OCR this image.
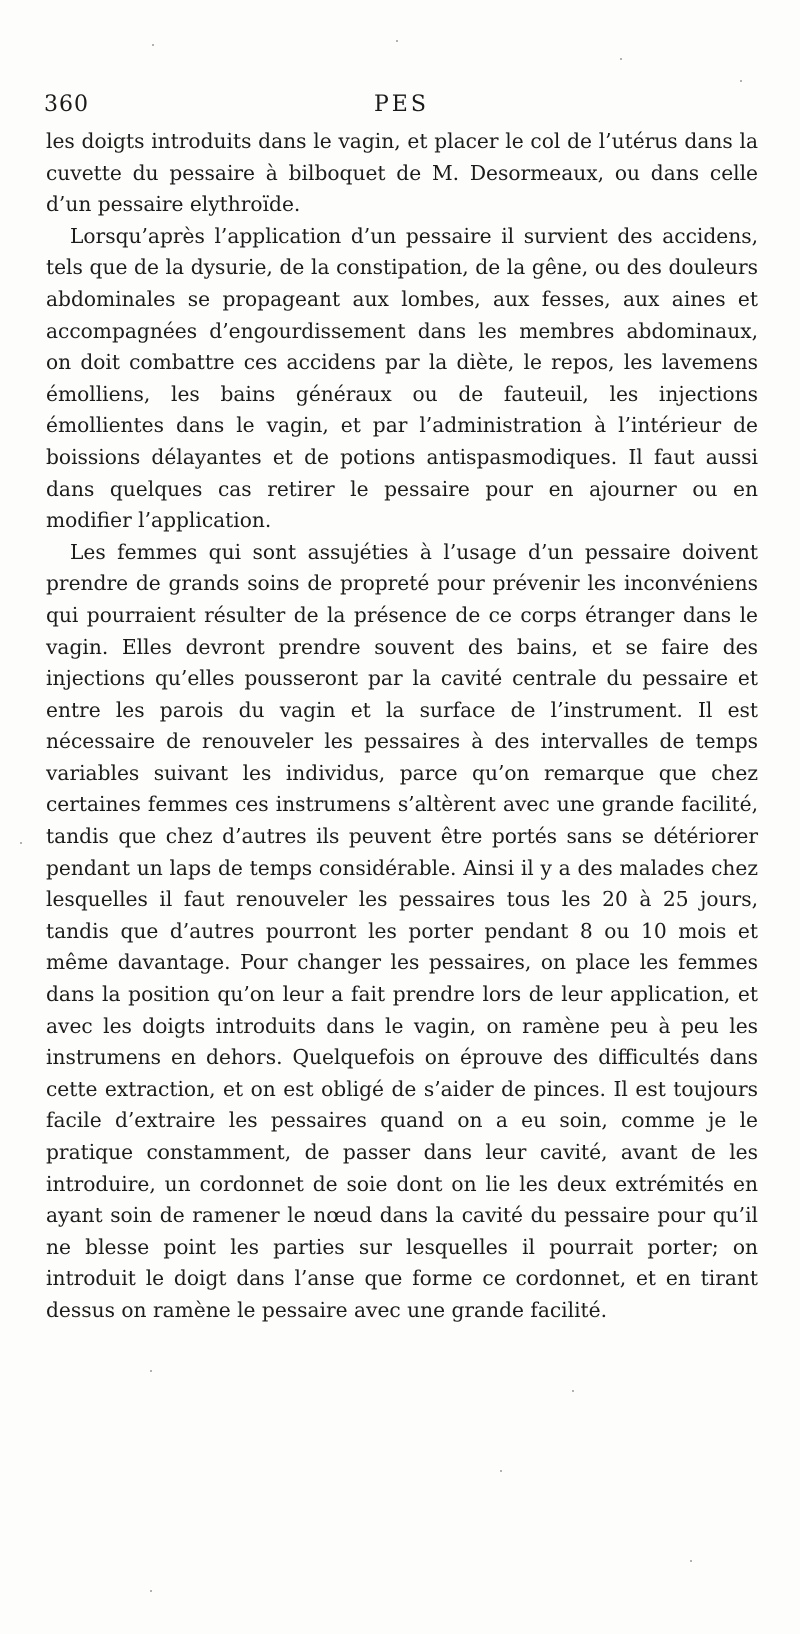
360	PES

les doigts introduits dans le vagin, et placer le col de l’utérus dans la cuvette du pessaire à bilboquet de M. Desormeaux, ou dans celle d’un pessaire elythroïde.

Lorsqu’après l’application d’un pessaire il survient des accidens, tels que de la dysurie, de la constipation, de la gêne, ou des douleurs abdominales se propageant aux lombes, aux fesses, aux aines et accompagnées d’engourdissement dans les membres abdominaux, on doit combattre ces accidens par la diète, le repos, les lavemens émolliens, les bains généraux ou de fauteuil, les injections émollientes dans le vagin, et par l’administration à l’intérieur de boissions délayantes et de potions antispasmodiques. Il faut aussi dans quelques cas retirer le pessaire pour en ajourner ou en modifier l’application.

Les femmes qui sont assujéties à l’usage d’un pessaire doivent prendre de grands soins de propreté pour prévenir les inconvéniens qui pourraient résulter de la présence de ce corps étranger dans le vagin. Elles devront prendre souvent des bains, et se faire des injections qu’elles pousseront par la cavité centrale du pessaire et entre les parois du vagin et la surface de l’instrument. Il est nécessaire de renouveler les pessaires à des intervalles de temps variables suivant les individus, parce qu’on remarque que chez certaines femmes ces instrumens s’altèrent avec une grande facilité, tandis que chez d’autres ils peuvent être portés sans se détériorer pendant un laps de temps considérable. Ainsi il y a des malades chez lesquelles il faut renouveler les pessaires tous les 20 à 25 jours, tandis que d’autres pourront les porter pendant 8 ou 10 mois et même davantage. Pour changer les pessaires, on place les femmes dans la position qu’on leur a fait prendre lors de leur application, et avec les doigts introduits dans le vagin, on ramène peu à peu les instrumens en dehors. Quelquefois on éprouve des difficultés dans cette extraction, et on est obligé de s’aider de pinces. Il est toujours facile d’extraire les pessaires quand on a eu soin, comme je le pratique constamment, de passer dans leur cavité, avant de les introduire, un cordonnet de soie dont on lie les deux extrémités en ayant soin de ramener le nœud dans la cavité du pessaire pour qu’il ne blesse point les parties sur lesquelles il pourrait porter; on introduit le doigt dans l’anse que forme ce cordonnet, et en tirant dessus on ramène le pessaire avec une grande facilité.
